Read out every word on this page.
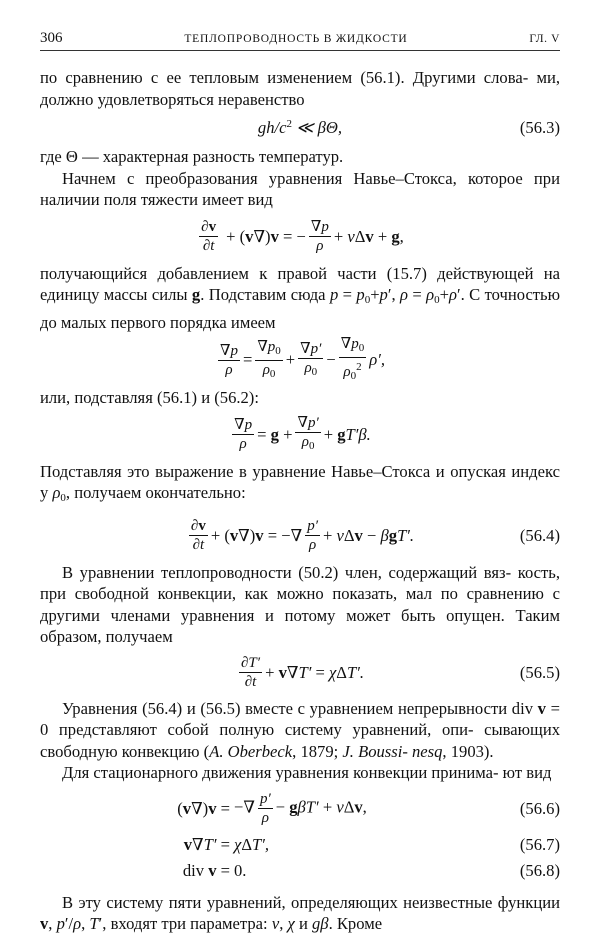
306	ТЕПЛОПРОВОДНОСТЬ В ЖИДКОСТИ	ГЛ. V

по сравнению с ее тепловым изменением (56.1). Другими слова- ми, должно удовлетворяться неравенство

$gh/c^2$ ≪ βΘ,	(56.3)

где Θ — характерная разность температур.

Начнем с преобразования уравнения Навье–Стокса, которое при наличии поля тяжести имеет вид

$\frac{\partial v}{\partial t}$ + ( v ∇) v = − $\frac{\nabla p}{\rho} + \nu$ Δ v + g ,

получающийся добавлением к правой части (15.7) действующей на единицу массы силы g. Подставим сюда $p = p_0+p'$, $\rho = \rho_0+\rho'$. С точностью до малых первого порядка имеем

$\frac{\nabla p}{\rho} = \frac{\nabla p_0}{\rho_0} + \frac{\nabla p'}{\rho_0} - \frac{\nabla p_0}{\rho_0^2} \rho'$,

или, подставляя (56.1) и (56.2):

$\frac{\nabla p}{\rho} = g + \frac{\nabla p'}{\rho_0} + g$ T′β.

Подставляя это выражение в уравнение Навье–Стокса и опуская индекс у $\rho_0$, получаем окончательно:

$\frac{\partial v}{\partial t}$ + ( v ∇) v = −∇ $\frac{p'}{\rho} + \nu$ Δ v − β g T′.	(56.4)

В уравнении теплопроводности (50.2) член, содержащий вяз- кость, при свободной конвекции, как можно показать, мал по сравнению с другими членами уравнения и потому может быть опущен. Таким образом, получаем

$\frac{\partial T'}{\partial t} + v$ ∇ T′ = χ Δ T′.	(56.5)

Уравнения (56.4) и (56.5) вместе с уравнением непрерывности div v = 0 представляют собой полную систему уравнений, опи- сывающих свободную конвекцию (A. Oberbeck, 1879; J. Boussi- nesq, 1903).

Для стационарного движения уравнения конвекции принима- ют вид

(v∇)v = −∇ $\frac{p'}{\rho} - g\beta T' + \nu\Delta v$,	(56.6)
v∇T′ = χΔT′,	(56.7)
div v = 0.	(56.8)

В эту систему пяти уравнений, определяющих неизвестные функции v, p′/ρ, T′, входят три параметра: ν, χ и gβ. Кроме
